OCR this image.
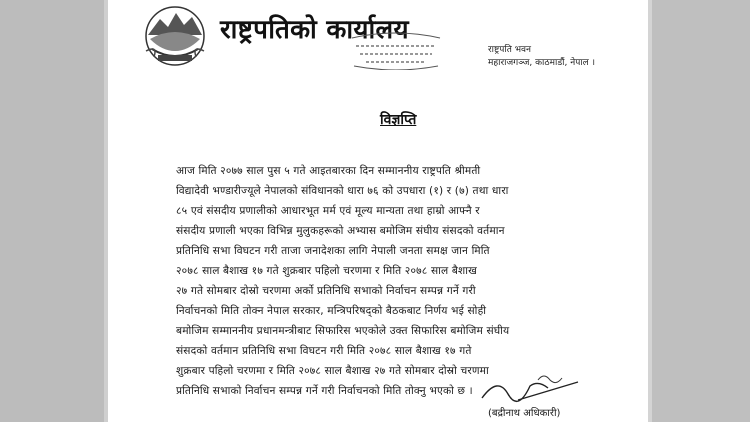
राष्ट्रपतिको कार्यालय
राष्ट्रपति भवन
महाराजगञ्ज, काठमाडौं, नेपाल ।
विज्ञप्ति
आज मिति २०७७ साल पुस ५ गते आइतबारका दिन सम्माननीय राष्ट्रपति श्रीमती
विद्यादेवी भण्डारीज्यूले नेपालको संविधानको धारा ७६ को उपधारा (१) र (७) तथा धारा
८५ एवं संसदीय प्रणालीको आधारभूत मर्म एवं मूल्य मान्यता तथा हाम्रो आफ्नै र
संसदीय प्रणाली भएका विभिन्न मुलुकहरूको अभ्यास बमोजिम संघीय संसदको वर्तमान
प्रतिनिधि सभा विघटन गरी ताजा जनादेशका लागि नेपाली जनता समक्ष जान मिति
२०७८ साल बैशाख १७ गते शुक्रबार पहिलो चरणमा र मिति २०७८ साल बैशाख
२७ गते सोमबार दोस्रो चरणमा अर्को प्रतिनिधि सभाको निर्वाचन सम्पन्न गर्ने गरी
निर्वाचनको मिति तोक्न नेपाल सरकार, मन्त्रिपरिषद्को बैठकबाट निर्णय भई सोही
बमोजिम सम्माननीय प्रधानमन्त्रीबाट सिफारिस भएकोले उक्त सिफारिस बमोजिम संघीय
संसदको वर्तमान प्रतिनिधि सभा विघटन गरी मिति २०७८ साल बैशाख १७ गते
शुक्रबार पहिलो चरणमा र मिति २०७८ साल बैशाख २७ गते सोमबार दोस्रो चरणमा
प्रतिनिधि सभाको निर्वाचन सम्पन्न गर्ने गरी निर्वाचनको मिति तोक्नु भएको छ ।
(बद्रीनाथ अधिकारी)
